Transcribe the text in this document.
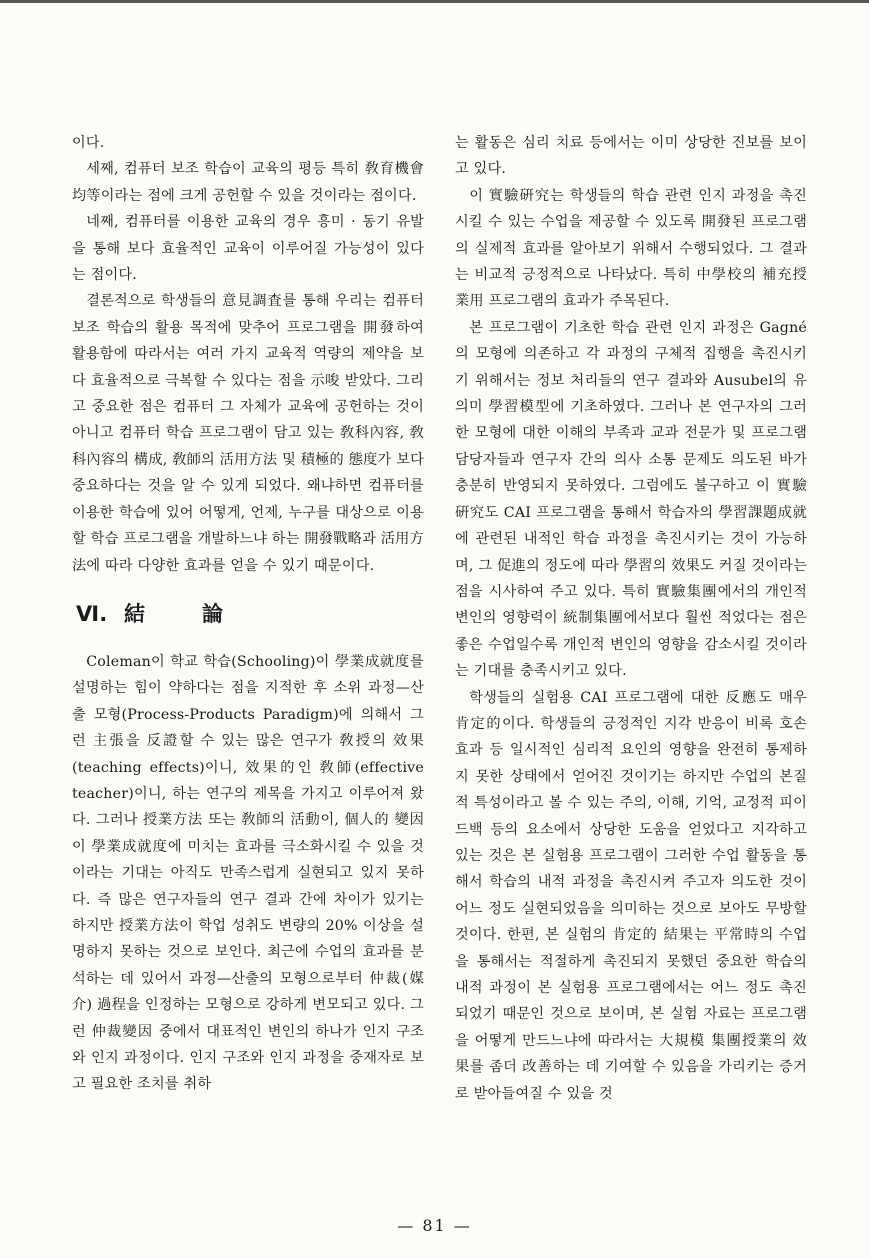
이다.

세째, 컴퓨터 보조 학습이 교육의 평등 특히 敎育機會均等이라는 점에 크게 공헌할 수 있을 것이라는 점이다.

네째, 컴퓨터를 이용한 교육의 경우 흥미 · 동기 유발을 통해 보다 효율적인 교육이 이루어질 가능성이 있다는 점이다.

결론적으로 학생들의 意見調査를 통해 우리는 컴퓨터 보조 학습의 활용 목적에 맞추어 프로그램을 開發하여 활용함에 따라서는 여러 가지 교육적 역량의 제약을 보다 효율적으로 극복할 수 있다는 점을 示唆 받았다. 그리고 중요한 점은 컴퓨터 그 자체가 교육에 공헌하는 것이 아니고 컴퓨터 학습 프로그램이 담고 있는 敎科內容, 敎科內容의 構成, 敎師의 活用方法 및 積極的 態度가 보다 중요하다는 것을 알 수 있게 되었다. 왜냐하면 컴퓨터를 이용한 학습에 있어 어떻게, 언제, 누구를 대상으로 이용할 학습 프로그램을 개발하느냐 하는 開發戰略과 活用方法에 따라 다양한 효과를 얻을 수 있기 때문이다.

Ⅵ. 結	論

Coleman이 학교 학습(Schooling)이 學業成就度를 설명하는 힘이 약하다는 점을 지적한 후 소위 과정—산출 모형(Process-Products Paradigm)에 의해서 그런 主張을 反證할 수 있는 많은 연구가 敎授의 效果(teaching effects)이니, 效果的인 敎師(effective teacher)이니, 하는 연구의 제목을 가지고 이루어져 왔다. 그러나 授業方法 또는 敎師의 活動이, 個人的 變因이 學業成就度에 미치는 효과를 극소화시킬 수 있을 것이라는 기대는 아직도 만족스럽게 실현되고 있지 못하다. 즉 많은 연구자들의 연구 결과 간에 차이가 있기는 하지만 授業方法이 학업 성취도 변량의 20% 이상을 설명하지 못하는 것으로 보인다. 최근에 수업의 효과를 분석하는 데 있어서 과정—산출의 모형으로부터 仲裁(媒介) 過程을 인정하는 모형으로 강하게 변모되고 있다. 그런 仲裁變因 중에서 대표적인 변인의 하나가 인지 구조와 인지 과정이다. 인지 구조와 인지 과정을 중재자로 보고 필요한 조치를 취하

는 활동은 심리 치료 등에서는 이미 상당한 진보를 보이고 있다.

이 實驗硏究는 학생들의 학습 관련 인지 과정을 촉진시킬 수 있는 수업을 제공할 수 있도록 開發된 프로그램의 실제적 효과를 알아보기 위해서 수행되었다. 그 결과는 비교적 긍정적으로 나타났다. 특히 中學校의 補充授業用 프로그램의 효과가 주목된다.

본 프로그램이 기초한 학습 관련 인지 과정은 Gagné의 모형에 의존하고 각 과정의 구체적 집행을 촉진시키기 위해서는 정보 처리들의 연구 결과와 Ausubel의 유의미 學習模型에 기초하였다. 그러나 본 연구자의 그러한 모형에 대한 이해의 부족과 교과 전문가 및 프로그램 담당자들과 연구자 간의 의사 소통 문제도 의도된 바가 충분히 반영되지 못하였다. 그럼에도 불구하고 이 實驗硏究도 CAI 프로그램을 통해서 학습자의 學習課題成就에 관련된 내적인 학습 과정을 촉진시키는 것이 가능하며, 그 促進의 정도에 따라 學習의 效果도 커질 것이라는 점을 시사하여 주고 있다. 특히 實驗集團에서의 개인적 변인의 영향력이 統制集團에서보다 훨씬 적었다는 점은 좋은 수업일수록 개인적 변인의 영향을 감소시킬 것이라는 기대를 충족시키고 있다.

학생들의 실험용 CAI 프로그램에 대한 反應도 매우 肯定的이다. 학생들의 긍정적인 지각 반응이 비록 호손 효과 등 일시적인 심리적 요인의 영향을 완전히 통제하지 못한 상태에서 얻어진 것이기는 하지만 수업의 본질적 특성이라고 볼 수 있는 주의, 이해, 기억, 교정적 피이드백 등의 요소에서 상당한 도움을 얻었다고 지각하고 있는 것은 본 실험용 프로그램이 그러한 수업 활동을 통해서 학습의 내적 과정을 촉진시켜 주고자 의도한 것이 어느 정도 실현되었음을 의미하는 것으로 보아도 무방할 것이다. 한편, 본 실험의 肯定的 結果는 平常時의 수업을 통해서는 적절하게 촉진되지 못했던 중요한 학습의 내적 과정이 본 실험용 프로그램에서는 어느 정도 촉진되었기 때문인 것으로 보이며, 본 실험 자료는 프로그램을 어떻게 만드느냐에 따라서는 大規模 集團授業의 效果를 좀더 改善하는 데 기여할 수 있음을 가리키는 증거로 받아들여질 수 있을 것

— 81 —
